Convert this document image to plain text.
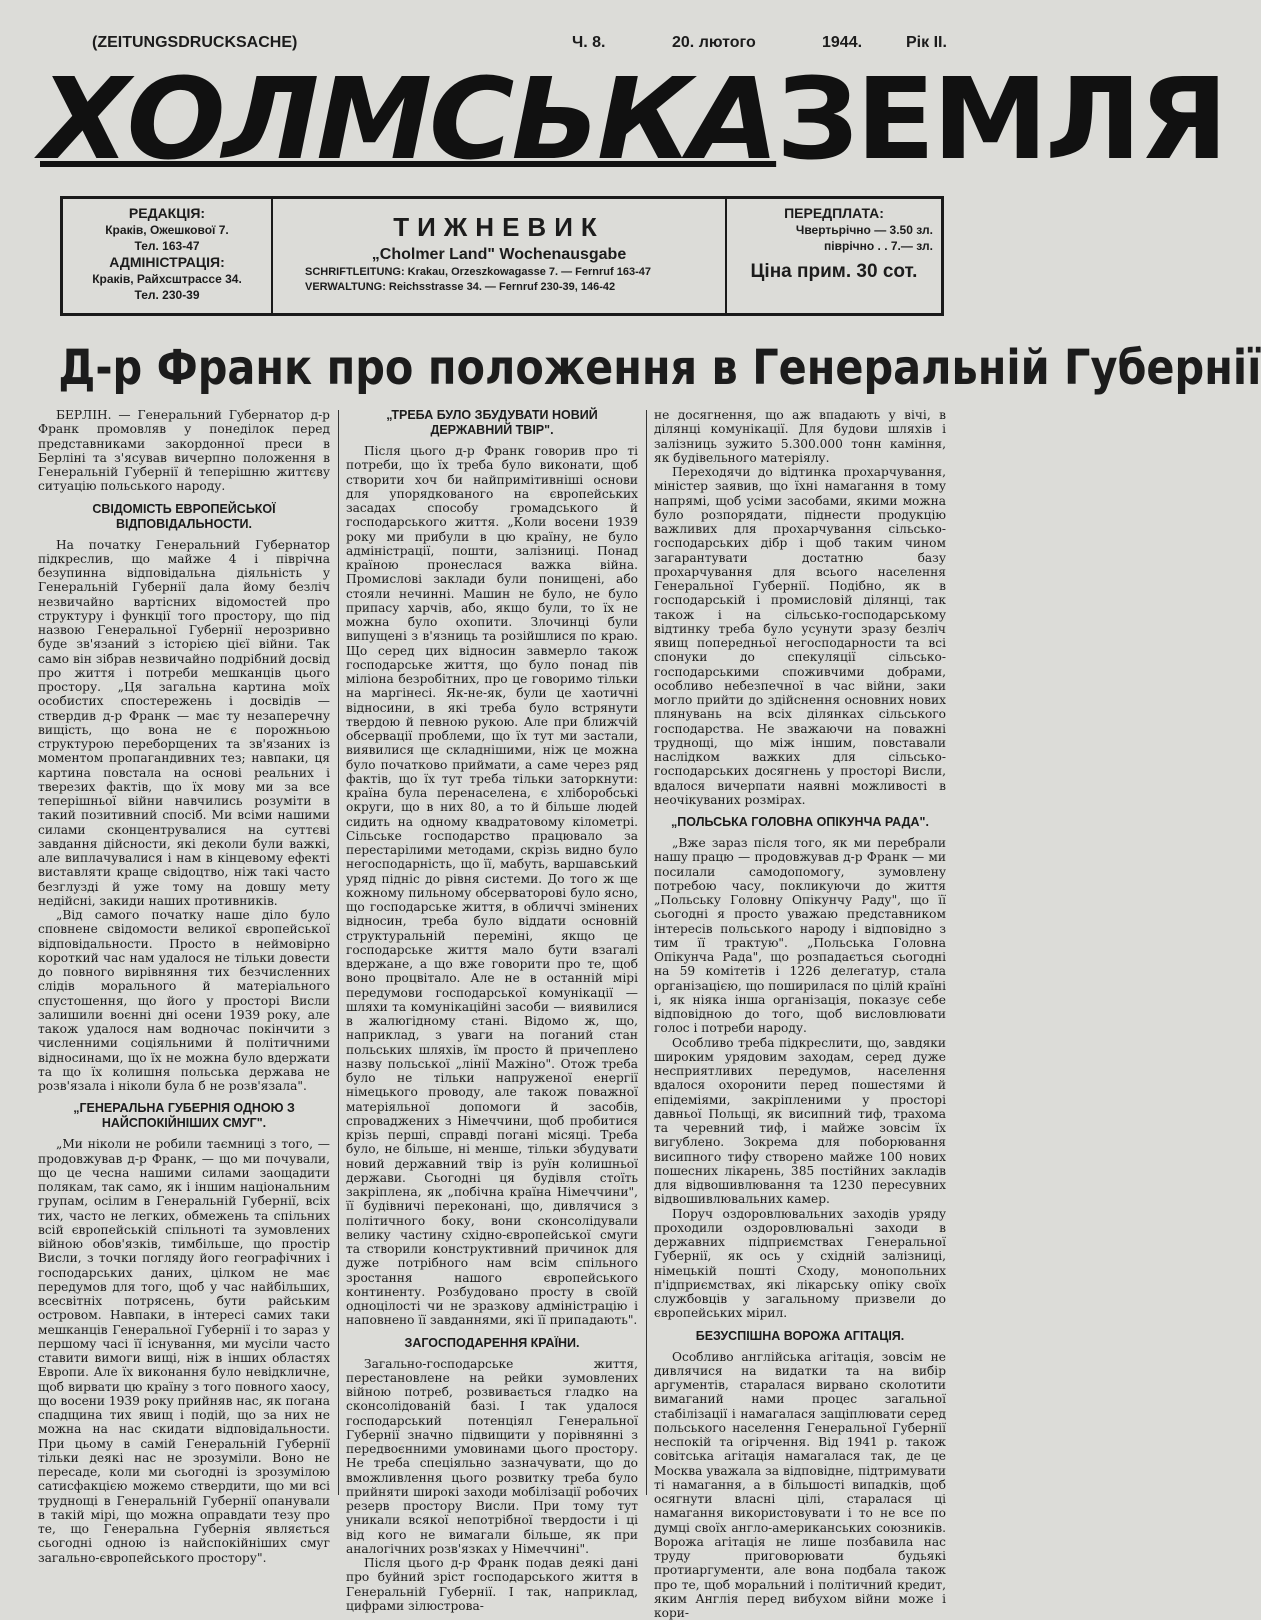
(ZEITUNGSDRUCKSACHE)	Ч. 8.	20. лютого	1944.	Рік II.
ХОЛМСЬКАЗЕМЛЯ
РЕДАКЦІЯ:
Краків, Ожешкової 7.
Тел. 163-47
АДМІНІСТРАЦІЯ:
Краків, Райхсштрассе 34.
Тел. 230-39
ТИЖНЕВИК
„Cholmer Land" Wochenausgabe
SCHRIFTLEITUNG: Krakau, Orzeszkowagasse 7. — Fernruf 163-47
VERWALTUNG: Reichsstrasse 34. — Fernruf 230-39, 146-42
ПЕРЕДПЛАТА:
Чвертьрічно — 3.50 зл.
піврічно . . 7.— зл.
Ціна прим. 30 сот.
Д-р Франк про положення в Генеральній Губернії

БЕРЛІН. — Генеральний Губернатор д-р Франк промовляв у понеділок перед представниками закордонної преси в Берліні та з'ясував вичерпно положення в Генеральній Губернії й теперішню життєву ситуацію польського народу.

СВІДОМІСТЬ ЕВРОПЕЙСЬКОЇ ВІДПОВІДАЛЬНОСТИ.

На початку Генеральний Губернатор підкреслив, що майже 4 і піврічна безупинна відповідальна діяльність у Генеральній Губернії дала йому безліч незвичайно вартісних відомостей про структуру і функції того простору, що під назвою Генеральної Губернії нерозривно буде зв'язаний з історією цієї війни. Так само він зібрав незвичайно подрібний досвід про життя і потреби мешканців цього простору. „Ця загальна картина моїх особистих спостережень і досвідів — ствердив д-р Франк — має ту незаперечну вищість, що вона не є порожньою структурою переборщених та зв'язаних із моментом пропагандивних тез; навпаки, ця картина повстала на основі реальних і тверезих фактів, що їх мову ми за все теперішньої війни навчились розуміти в такий позитивний спосіб. Ми всіми нашими силами сконцентрувалися на суттєві завдання дійсности, які деколи були важкі, але виплачувалися і нам в кінцевому ефекті виставляти краще свідоцтво, ніж такі часто безглузді й уже тому на довшу мету недійсні, закиди наших противників.

„Від самого початку наше діло було сповнене свідомости великої європейської відповідальности. Просто в неймовірно короткий час нам удалося не тільки довести до повного вирівняння тих безчисленних слідів морального й матеріального спустошення, що його у просторі Висли залишили воєнні дні осени 1939 року, але також удалося нам водночас покінчити з численними соціяльними й політичними відносинами, що їх не можна було вдержати та що їх колишня польська держава не розв'язала і ніколи була б не розв'язала".

„ГЕНЕРАЛЬНА ГУБЕРНІЯ ОДНОЮ З НАЙСПОКІЙНІШИХ СМУГ".

„Ми ніколи не робили таємниці з того, — продовжував д-р Франк, — що ми почували, що це чесна нашими силами заощадити полякам, так само, як і іншим національним групам, осілим в Генеральній Губернії, всіх тих, часто не легких, обмежень та спільних всій європейській спільноті та зумовлених війною обов'язків, тимбільше, що простір Висли, з точки погляду його географічних і господарських даних, цілком не має передумов для того, щоб у час найбільших, всесвітніх потрясень, бути райським островом. Навпаки, в інтересі самих таки мешканців Генеральної Губернії і то зараз у першому часі її існування, ми мусіли часто ставити вимоги вищі, ніж в інших областях Европи. Але їх виконання було невідкличне, щоб вирвати цю країну з того повного хаосу, що восени 1939 року прийняв нас, як погана спадщина тих явищ і подій, що за них не можна на нас скидати відповідальности. При цьому в самій Генеральній Губернії тільки деякі нас не зрозуміли. Воно не пересаде, коли ми сьогодні із зрозумілою сатисфакцією можемо ствердити, що ми всі труднощі в Генеральній Губернії опанували в такій мірі, що можна оправдати тезу про те, що Генеральна Губернія являється сьогодні одною із найспокійніших смуг загально-європейського простору".

„ТРЕБА БУЛО ЗБУДУВАТИ НОВИЙ ДЕРЖАВНИЙ ТВІР".

Після цього д-р Франк говорив про ті потреби, що їх треба було виконати, щоб створити хоч би найпримітивніші основи для упорядкованого на європейських засадах способу громадського й господарського життя. „Коли восени 1939 року ми прибули в цю країну, не було адміністрації, пошти, залізниці. Понад країною пронеслася важка війна. Промислові заклади були понищені, або стояли нечинні. Машин не було, не було припасу харчів, або, якщо були, то їх не можна було охопити. Злочинці були випущені з в'язниць та розійшлися по краю. Що серед цих відносин завмерло також господарське життя, що було понад пів міліона безробітних, про це говоримо тільки на маргінесі. Як-не-як, були це хаотичні відносини, в які треба було встрянути твердою й певною рукою. Але при ближчій обсервації проблеми, що їх тут ми застали, виявилися ще складнішими, ніж це можна було початково приймати, а саме через ряд фактів, що їх тут треба тільки заторкнути: країна була перенаселена, є хліборобські округи, що в них 80, а то й більше людей сидить на одному квадратовому кілометрі. Сільське господарство працювало за перестарілими методами, скрізь видно було негосподарність, що її, мабуть, варшавський уряд підніс до рівня системи. До того ж ще кожному пильному обсерваторові було ясно, що господарське життя, в обличчі змінених відносин, треба було віддати основній структуральній переміні, якщо це господарське життя мало бути взагалі вдержане, а що вже говорити про те, щоб воно процвітало. Але не в останній мірі передумови господарської комунікації — шляхи та комунікаційні засоби — виявилися в жалюгідному стані. Відомо ж, що, наприклад, з уваги на поганий стан польських шляхів, їм просто й причеплено назву польської „лінії Мажіно". Отож треба було не тільки напруженої енергії німецького проводу, але також поважної матеріяльної допомоги й засобів, спроваджених з Німеччини, щоб пробитися крізь перші, справді погані місяці. Треба було, не більше, ні менше, тільки збудувати новий державний твір із руїн колишньої держави. Сьогодні ця будівля стоїть закріплена, як „побічна країна Німеччини", її будівничі переконані, що, дивлячися з політичного боку, вони сконсолідували велику частину східно-європейської смуги та створили конструктивний причинок для дуже потрібного нам всім спільного зростання нашого європейського континенту. Розбудовано просту в своїй одноцілості чи не зразкову адміністрацію і наповнено її завданнями, які її припадають".

ЗАГОСПОДАРЕННЯ КРАЇНИ.

Загально-господарське життя, перестановлене на рейки зумовлених війною потреб, розвивається гладко на сконсолідованій базі. І так удалося господарський потенціял Генеральної Губернії значно підвищити у порівнянні з передвоєнними умовинами цього простору. Не треба спеціяльно зазначувати, що до вможливлення цього розвитку треба було прийняти широкі заходи мобілізації робочих резерв простору Висли. При тому тут уникали всякої непотрібної твердости і ці від кого не вимагали більше, як при аналогічних розв'язках у Німеччині".

Після цього д-р Франк подав деякі дані про буйний зріст господарського життя в Генеральній Губернії. І так, наприклад, цифрами зілюстрова-

не досягнення, що аж впадають у вічі, в ділянці комунікації. Для будови шляхів і залізниць зужито 5.300.000 тонн каміння, як будівельного матеріялу.

Переходячи до відтинка прохарчування, міністер заявив, що їхні намагання в тому напрямі, щоб усіми засобами, якими можна було розпорядати, піднести продукцію важливих для прохарчування сільсько-господарських дібр і щоб таким чином загарантувати достатню базу прохарчування для всього населення Генеральної Губернії. Подібно, як в господарській і промисловій ділянці, так також і на сільсько-господарському відтинку треба було усунути зразу безліч явищ попередньої негосподарности та всі спонуки до спекуляції сільсько-господарськими споживчими добрами, особливо небезпечної в час війни, заки могло прийти до здійснення основних нових плянувань на всіх ділянках сільського господарства. Не зважаючи на поважні труднощі, що між іншим, повставали наслідком важких для сільсько-господарських досягнень у просторі Висли, вдалося вичерпати наявні можливості в неочікуваних розмірах.

„ПОЛЬСЬКА ГОЛОВНА ОПІКУНЧА РАДА".

„Вже зараз після того, як ми перебрали нашу працю — продовжував д-р Франк — ми посилали самодопомогу, зумовлену потребою часу, покликуючи до життя „Польську Головну Опікунчу Раду", що її сьогодні я просто уважаю представником інтересів польського народу і відповідно з тим її трактую". „Польська Головна Опікунча Рада", що розпадається сьогодні на 59 комітетів і 1226 делегатур, стала організацією, що поширилася по цілій країні і, як ніяка інша організація, показує себе відповідною до того, щоб висловлювати голос і потреби народу.

Особливо треба підкреслити, що, завдяки широким урядовим заходам, серед дуже несприятливих передумов, населення вдалося охоронити перед пошестями й епідеміями, закріпленими у просторі давньої Польщі, як висипний тиф, трахома та черевний тиф, і майже зовсім їх вигублено. Зокрема для поборювання висипного тифу створено майже 100 нових пошесних лікарень, 385 постійних закладів для відвошивлювання та 1230 пересувних відвошивлювальних камер.

Поруч оздоровлювальних заходів уряду проходили оздоровлювальні заходи в державних підприємствах Генеральної Губернії, як ось у східній залізниці, німецькій пошті Сходу, монопольних п'ідприємствах, які лікарську опіку своїх службовців у загальному призвели до європейських мірил.

БЕЗУСПІШНА ВОРОЖА АГІТАЦІЯ.

Особливо англійська агітація, зовсім не дивлячися на видатки та на вибір аргументів, старалася вирвано сколотити вимаганий нами процес загальної стабілізації і намагалася защіплювати серед польського населення Генеральної Губернії неспокій та огірчення. Від 1941 р. також совітська агітація намагалася так, де це Москва уважала за відповідне, підтримувати ті намагання, а в більшості випадків, щоб осягнути власні цілі, старалася ці намагання використовувати і то не все по думці своїх англо-американських союзників. Ворожа агітація не лише позбавила нас труду приговорювати будьякі протиаргументи, але вона подбала також про те, щоб моральний і політичний кредит, яким Англія перед вибухом війни може і кори-
